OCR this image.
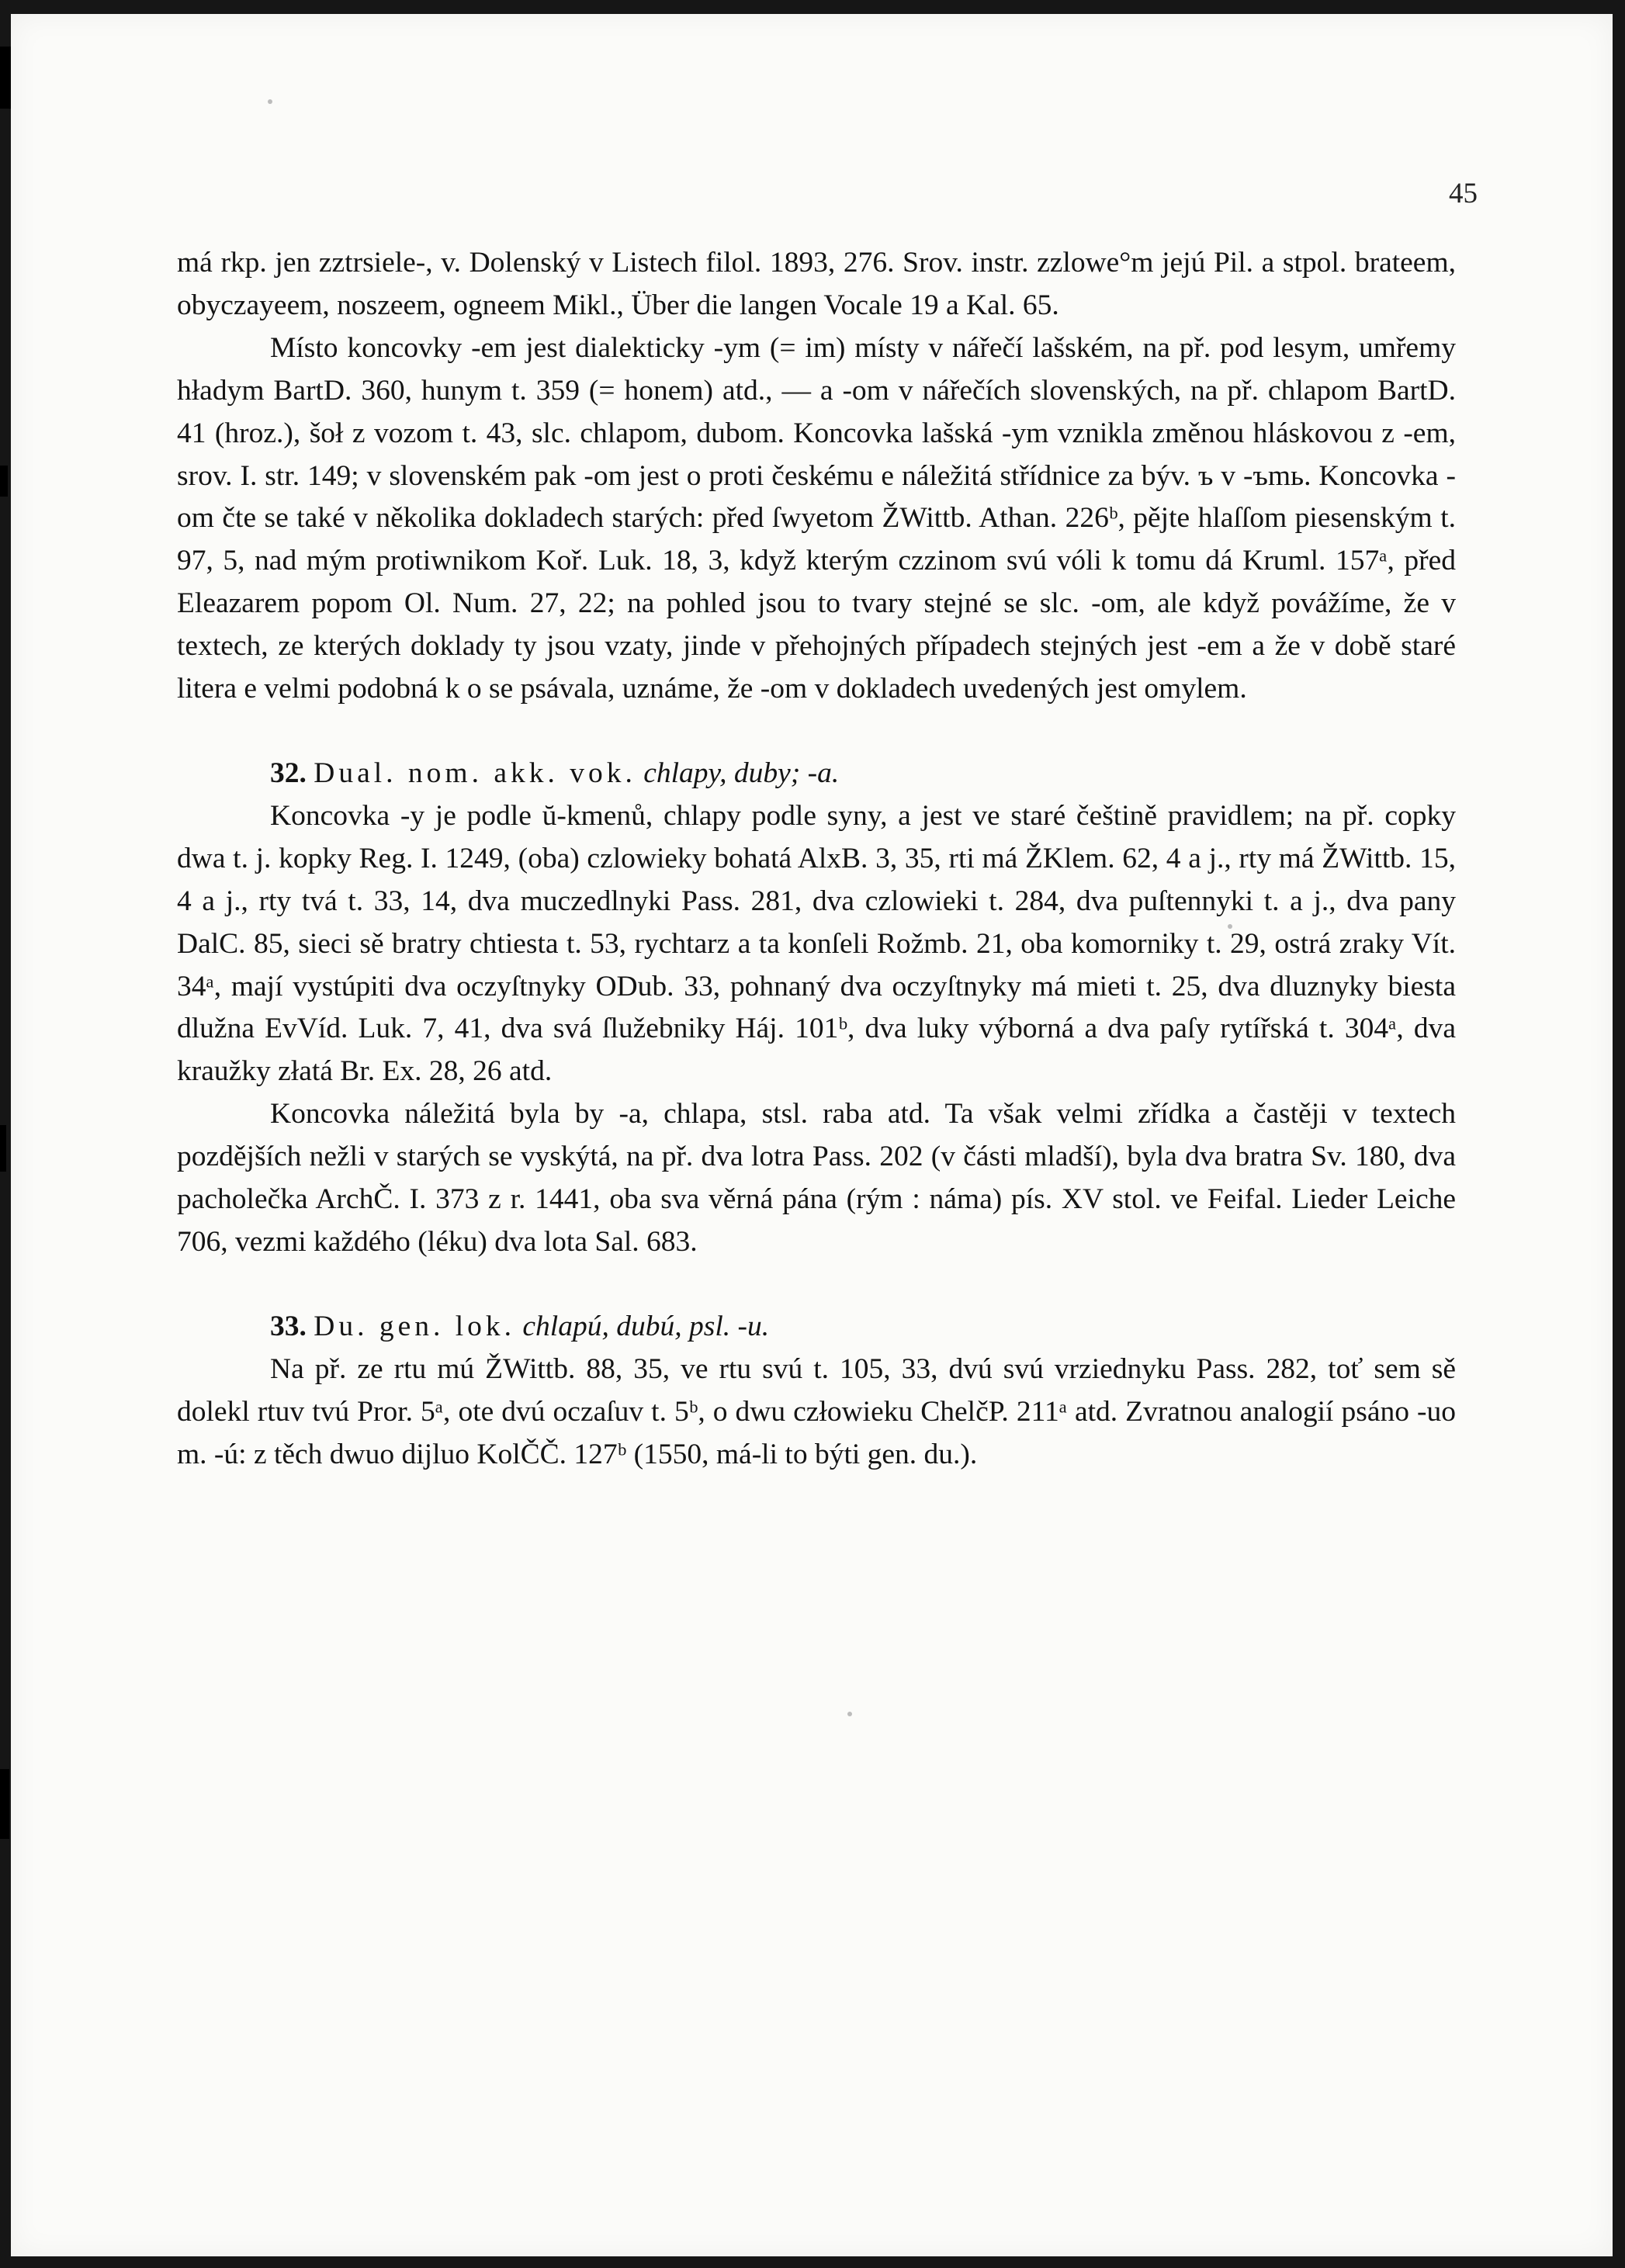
45

má rkp. jen zztrsiele-, v. Dolenský v Listech filol. 1893, 276. Srov. instr. zzlowe°m jejú Pil. a stpol. brateem, obyczayeem, noszeem, ogneem Mikl., Über die langen Vocale 19 a Kal. 65.

Místo koncovky -em jest dialekticky -ym (= im) místy v nářečí lašském, na př. pod lesym, umřemy hładym BartD. 360, hunym t. 359 (= honem) atd., — a -om v nářečích slovenských, na př. chlapom BartD. 41 (hroz.), šoł z vozom t. 43, slc. chlapom, dubom. Koncovka lašská -ym vznikla změnou hláskovou z -em, srov. I. str. 149; v slovenském pak -om jest o proti českému e náležitá střídnice za býv. ъ v -ъmь. Koncovka -om čte se také v několika dokladech starých: před ſwyetom ŽWittb. Athan. 226ᵇ, pějte hlaſſom piesenským t. 97, 5, nad mým protiwnikom Koř. Luk. 18, 3, když kterým czzinom svú vóli k tomu dá Kruml. 157ᵃ, před Eleazarem popom Ol. Num. 27, 22; na pohled jsou to tvary stejné se slc. -om, ale když povážíme, že v textech, ze kterých doklady ty jsou vzaty, jinde v přehojných případech stejných jest -em a že v době staré litera e velmi podobná k o se psávala, uznáme, že -om v dokladech uvedených jest omylem.

32. Dual. nom. akk. vok. chlapy, duby; -a.

Koncovka -y je podle ŭ-kmenů, chlapy podle syny, a jest ve staré češtině pravidlem; na př. copky dwa t. j. kopky Reg. I. 1249, (oba) czlowieky bohatá AlxB. 3, 35, rti má ŽKlem. 62, 4 a j., rty má ŽWittb. 15, 4 a j., rty tvá t. 33, 14, dva muczedlnyki Pass. 281, dva czlowieki t. 284, dva puſtennyki t. a j., dva pany DalC. 85, sieci sě bratry chtiesta t. 53, rychtarz a ta konſeli Rožmb. 21, oba komorniky t. 29, ostrá zraky Vít. 34ᵃ, mají vystúpiti dva oczyſtnyky ODub. 33, pohnaný dva oczyſtnyky má mieti t. 25, dva dluznyky biesta dlužna EvVíd. Luk. 7, 41, dva svá ſlužebniky Háj. 101ᵇ, dva luky výborná a dva paſy rytířská t. 304ᵃ, dva kraužky złatá Br. Ex. 28, 26 atd.

Koncovka náležitá byla by -a, chlapa, stsl. raba atd. Ta však velmi zřídka a častěji v textech pozdějších nežli v starých se vyskýtá, na př. dva lotra Pass. 202 (v části mladší), byla dva bratra Sv. 180, dva pacholečka ArchČ. I. 373 z r. 1441, oba sva věrná pána (rým : náma) pís. XV stol. ve Feifal. Lieder Leiche 706, vezmi každého (léku) dva lota Sal. 683.

33. Du. gen. lok. chlapú, dubú, psl. -u.

Na př. ze rtu mú ŽWittb. 88, 35, ve rtu svú t. 105, 33, dvú svú vrziednyku Pass. 282, toť sem sě dolekl rtuv tvú Pror. 5ᵃ, ote dvú oczaſuv t. 5ᵇ, o dwu człowieku ChelčP. 211ᵃ atd. Zvratnou analogií psáno -uo m. -ú: z těch dwuo dijluo KolČČ. 127ᵇ (1550, má-li to býti gen. du.).
